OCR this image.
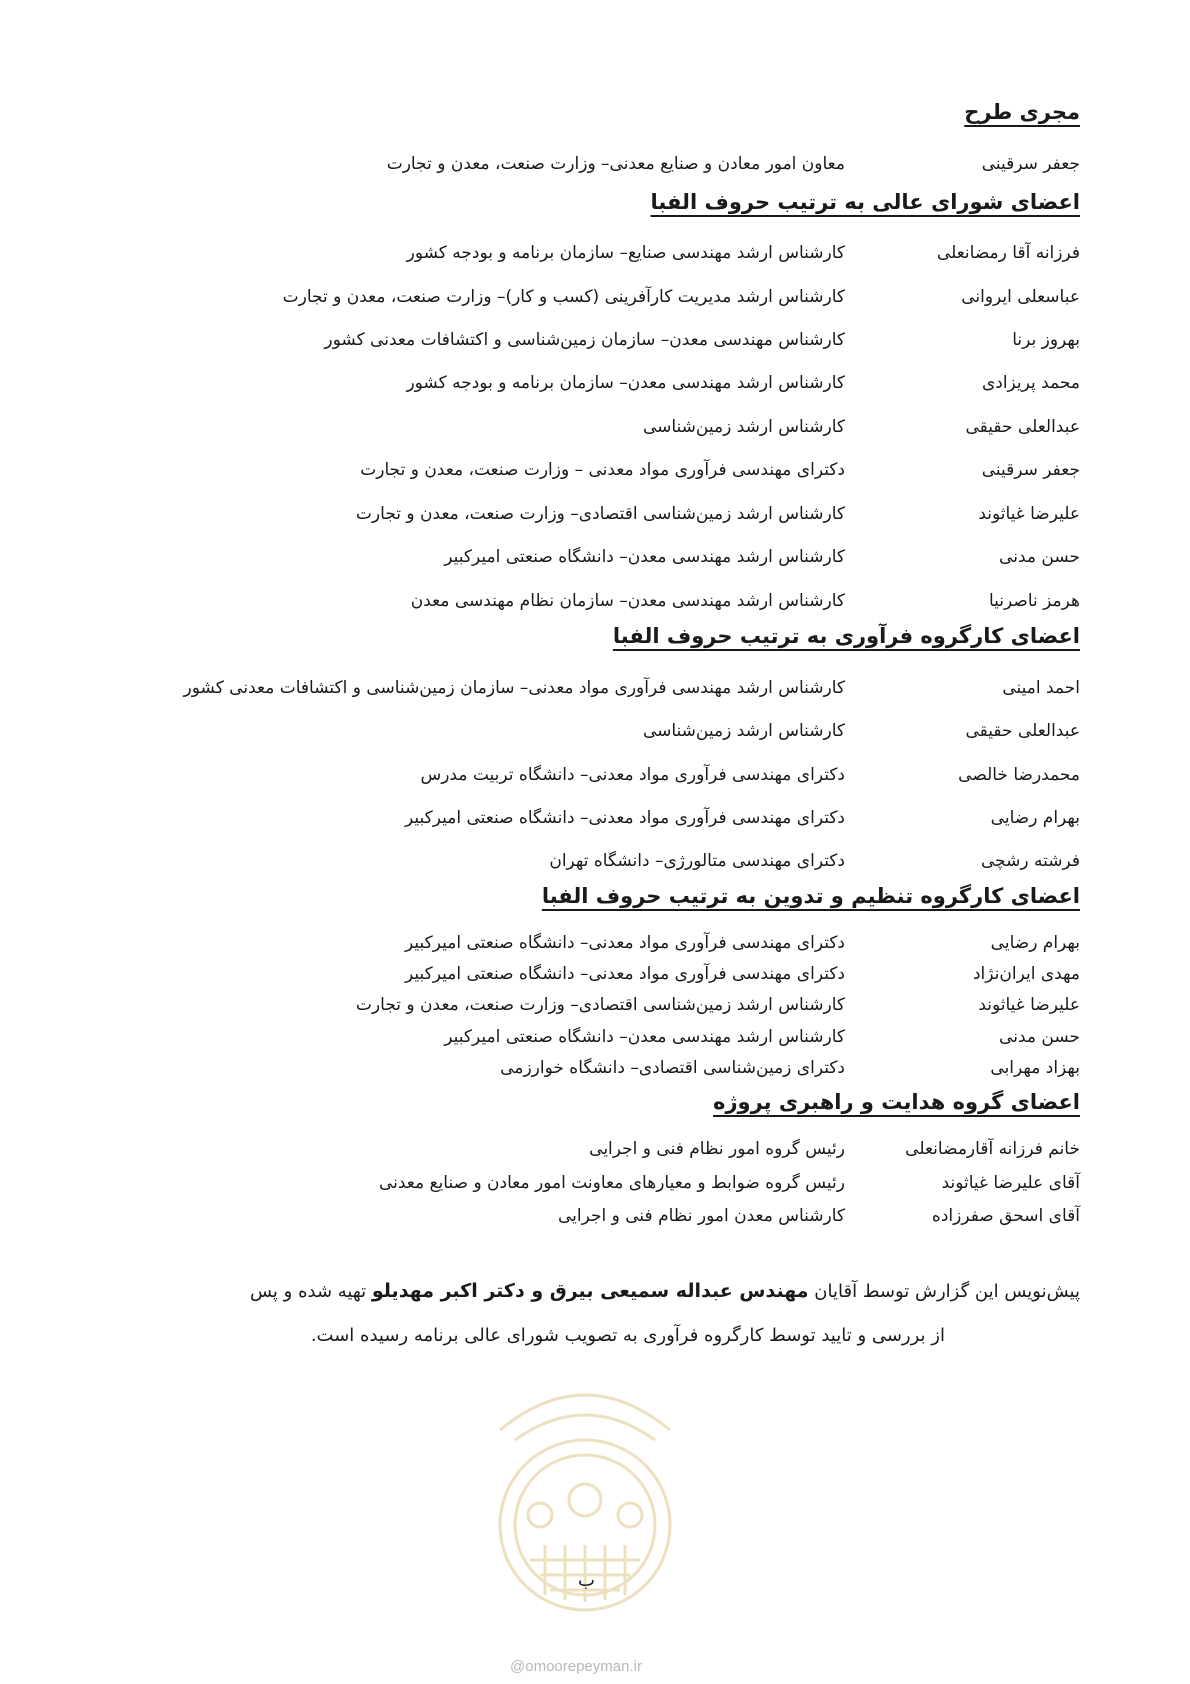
مجری طرح
جعفر سرقینی
معاون امور معادن و صنایع معدنی– وزارت صنعت، معدن و تجارت
اعضای شورای عالی به ترتیب حروف الفبا
فرزانه آقا رمضانعلی
کارشناس ارشد مهندسی صنایع– سازمان برنامه و بودجه کشور
عباسعلی ایروانی
کارشناس ارشد مدیریت کارآفرینی (کسب و کار)– وزارت صنعت، معدن و تجارت
بهروز برنا
کارشناس مهندسی معدن– سازمان زمین‌شناسی و اکتشافات معدنی کشور
محمد پریزادی
کارشناس ارشد مهندسی معدن– سازمان برنامه و بودجه کشور
عبدالعلی حقیقی
کارشناس ارشد زمین‌شناسی
جعفر سرقینی
دکترای مهندسی فرآوری مواد معدنی – وزارت صنعت، معدن و تجارت
علیرضا غیاثوند
کارشناس ارشد زمین‌شناسی اقتصادی– وزارت صنعت، معدن و تجارت
حسن مدنی
کارشناس ارشد مهندسی معدن– دانشگاه صنعتی امیرکبیر
هرمز ناصرنیا
کارشناس ارشد مهندسی معدن– سازمان نظام مهندسی معدن
اعضای کارگروه فرآوری به ترتیب حروف الفبا
احمد امینی
کارشناس ارشد مهندسی فرآوری مواد معدنی– سازمان زمین‌شناسی و اکتشافات معدنی کشور
عبدالعلی حقیقی
کارشناس ارشد زمین‌شناسی
محمدرضا خالصی
دکترای مهندسی فرآوری مواد معدنی– دانشگاه تربیت مدرس
بهرام رضایی
دکترای مهندسی فرآوری مواد معدنی– دانشگاه صنعتی امیرکبیر
فرشته رشچی
دکترای مهندسی متالورژی– دانشگاه تهران
اعضای کارگروه تنظیم و تدوین به ترتیب حروف الفبا
بهرام رضایی
دکترای مهندسی فرآوری مواد معدنی– دانشگاه صنعتی امیرکبیر
مهدی ایران‌نژاد
دکترای مهندسی فرآوری مواد معدنی– دانشگاه صنعتی امیرکبیر
علیرضا غیاثوند
کارشناس ارشد زمین‌شناسی اقتصادی– وزارت صنعت، معدن و تجارت
حسن مدنی
کارشناس ارشد مهندسی معدن– دانشگاه صنعتی امیرکبیر
بهزاد مهرابی
دکترای زمین‌شناسی اقتصادی– دانشگاه خوارزمی
اعضای گروه هدایت و راهبری پروژه
خانم فرزانه آقارمضانعلی
رئیس گروه امور نظام فنی و اجرایی
آقای علیرضا غیاثوند
رئیس گروه ضوابط و معیارهای معاونت امور معادن و صنایع معدنی
آقای اسحق صفرزاده
کارشناس معدن امور نظام فنی و اجرایی
پیش‌نویس این گزارش توسط آقایان مهندس عبداله سمیعی بیرق و دکتر اکبر مهدیلو تهیه شده و پس
از بررسی و تایید توسط کارگروه فرآوری به تصویب شورای عالی برنامه رسیده است.
ب
@omoorepeyman.ir
